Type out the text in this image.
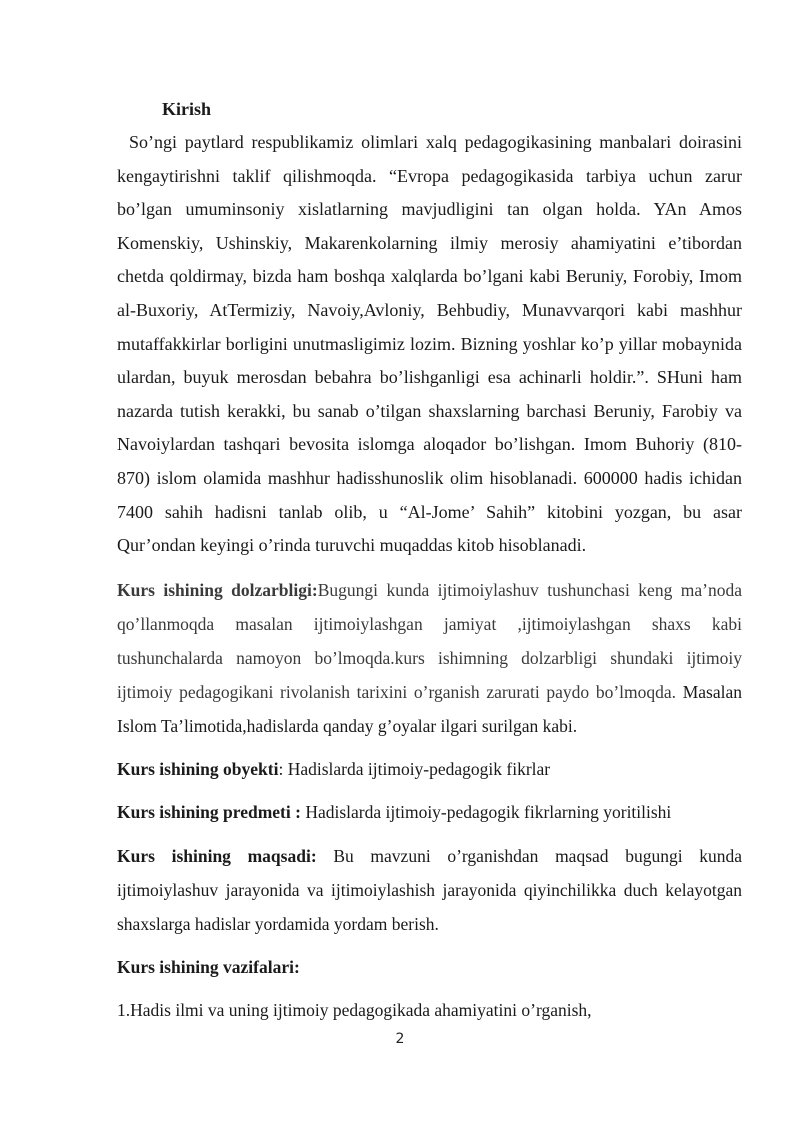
Kirish

So’ngi paytlard respublikamiz olimlari xalq pedagogikasining manbalari doirasini kengaytirishni taklif qilishmoqda. “Evropa pedagogikasida tarbiya uchun zarur bo’lgan umuminsoniy xislatlarning mavjudligini tan olgan holda. YAn Amos Komenskiy, Ushinskiy, Makarenkolarning ilmiy merosiy ahamiyatini e’tibordan chetda qoldirmay, bizda ham boshqa xalqlarda bo’lgani kabi Beruniy, Forobiy, Imom al-Buxoriy, AtTermiziy, Navoiy,Avloniy, Behbudiy, Munavvarqori kabi mashhur mutaffakkirlar borligini unutmasligimiz lozim. Bizning yoshlar ko’p yillar mobaynida ulardan, buyuk merosdan bebahra bo’lishganligi esa achinarli holdir.”. SHuni ham nazarda tutish kerakki, bu sanab o’tilgan shaxslarning barchasi Beruniy, Farobiy va Navoiylardan tashqari bevosita islomga aloqador bo’lishgan. Imom Buhoriy (810-870) islom olamida mashhur hadisshunoslik olim hisoblanadi. 600000 hadis ichidan 7400 sahih hadisni tanlab olib, u “Al-Jome’ Sahih” kitobini yozgan, bu asar Qur’ondan keyingi o’rinda turuvchi muqaddas kitob hisoblanadi.

Kurs ishining dolzarbligi:Bugungi kunda ijtimoiylashuv tushunchasi keng ma’noda qo’llanmoqda masalan ijtimoiylashgan jamiyat ,ijtimoiylashgan shaxs kabi tushunchalarda namoyon bo’lmoqda.kurs ishimning dolzarbligi shundaki ijtimoiy ijtimoiy pedagogikani rivolanish tarixini o’rganish zarurati paydo bo’lmoqda. Masalan Islom Ta’limotida,hadislarda qanday g’oyalar ilgari surilgan kabi.

Kurs ishining obyekti: Hadislarda ijtimoiy-pedagogik fikrlar

Kurs ishining predmeti : Hadislarda ijtimoiy-pedagogik fikrlarning yoritilishi

Kurs ishining maqsadi: Bu mavzuni o’rganishdan maqsad bugungi kunda ijtimoiylashuv jarayonida va ijtimoiylashish jarayonida qiyinchilikka duch kelayotgan shaxslarga hadislar yordamida yordam berish.

Kurs ishining vazifalari:

1.Hadis ilmi va uning ijtimoiy pedagogikada ahamiyatini o’rganish,

2
